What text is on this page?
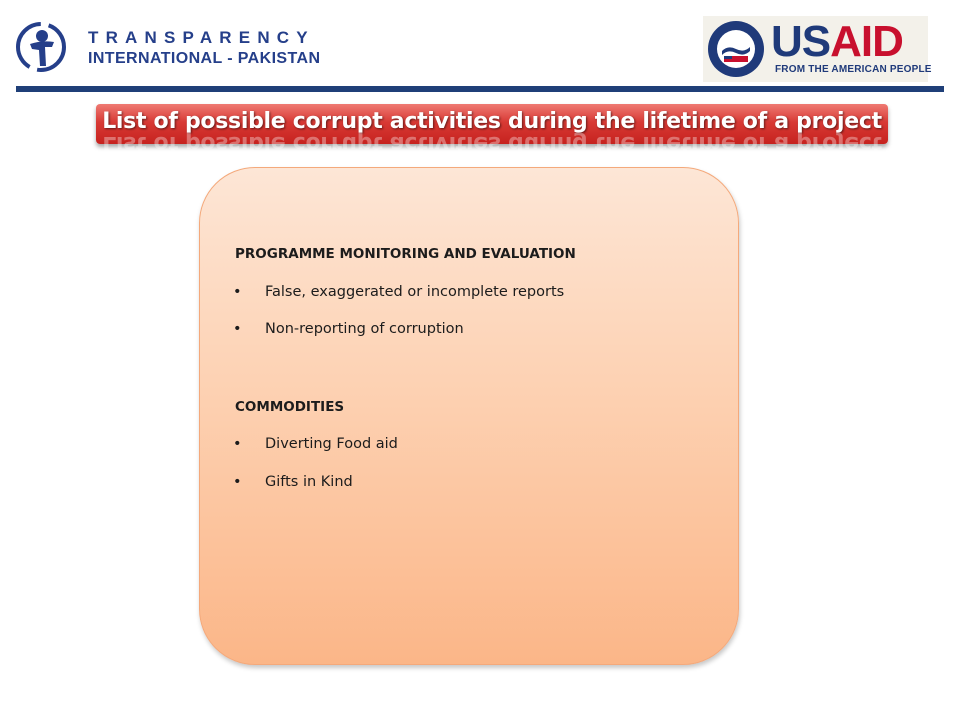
TRANSPARENCY
INTERNATIONAL - PAKISTAN	USAID
FROM THE AMERICAN PEOPLE
List of possible corrupt activities during the lifetime of a project
List of possible corrupt activities during the lifetime of a project
PROGRAMME MONITORING AND EVALUATION
• False, exaggerated or incomplete reports
• Non-reporting of corruption
COMMODITIES
• Diverting Food aid
• Gifts in Kind
